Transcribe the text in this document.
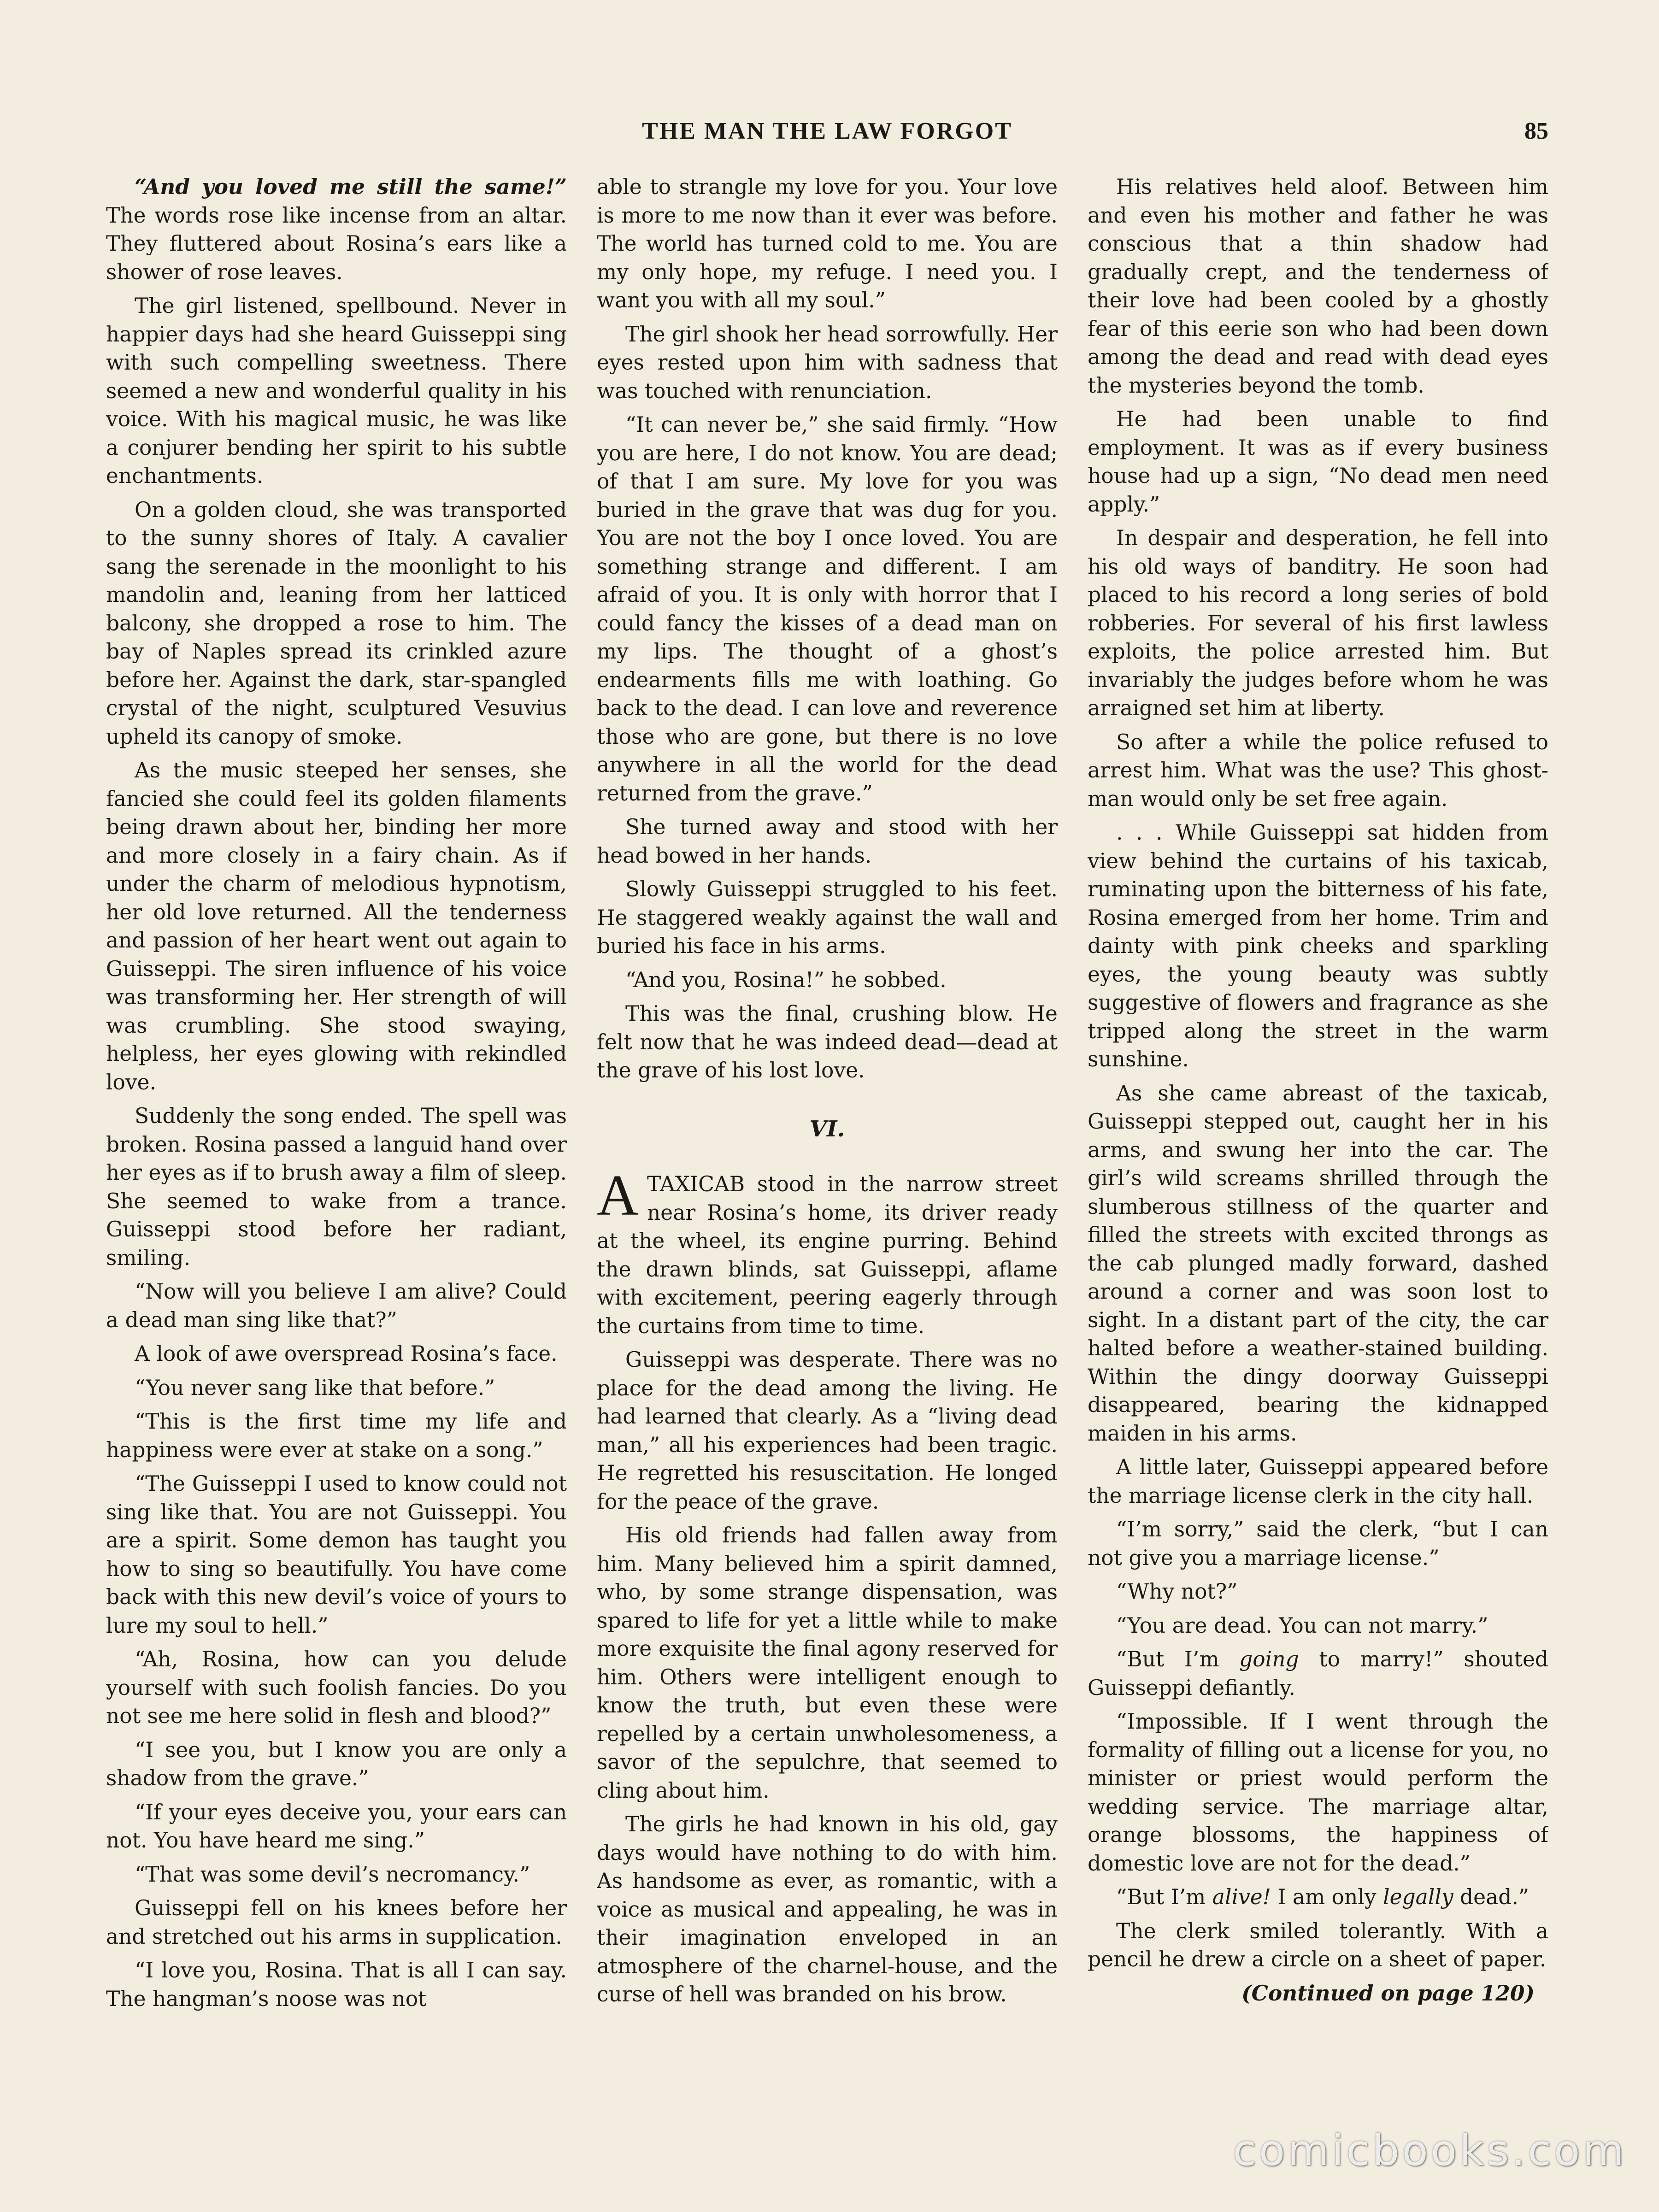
THE MAN THE LAW FORGOT	85

“And you loved me still the same!” The words rose like incense from an altar. They fluttered about Rosina’s ears like a shower of rose leaves.

The girl listened, spellbound. Never in happier days had she heard Guisseppi sing with such compelling sweetness. There seemed a new and wonderful quality in his voice. With his magical music, he was like a conjurer bending her spirit to his subtle enchantments.

On a golden cloud, she was transported to the sunny shores of Italy. A cavalier sang the serenade in the moonlight to his mandolin and, leaning from her latticed balcony, she dropped a rose to him. The bay of Naples spread its crinkled azure before her. Against the dark, star-spangled crystal of the night, sculptured Vesuvius upheld its canopy of smoke.

As the music steeped her senses, she fancied she could feel its golden filaments being drawn about her, binding her more and more closely in a fairy chain. As if under the charm of melodious hypnotism, her old love returned. All the tenderness and passion of her heart went out again to Guisseppi. The siren influence of his voice was transforming her. Her strength of will was crumbling. She stood swaying, helpless, her eyes glowing with rekindled love.

Suddenly the song ended. The spell was broken. Rosina passed a languid hand over her eyes as if to brush away a film of sleep. She seemed to wake from a trance. Guisseppi stood before her radiant, smiling.

“Now will you believe I am alive? Could a dead man sing like that?”

A look of awe overspread Rosina’s face.

“You never sang like that before.”

“This is the first time my life and happiness were ever at stake on a song.”

“The Guisseppi I used to know could not sing like that. You are not Guisseppi. You are a spirit. Some demon has taught you how to sing so beautifully. You have come back with this new devil’s voice of yours to lure my soul to hell.”

“Ah, Rosina, how can you delude yourself with such foolish fancies. Do you not see me here solid in flesh and blood?”

“I see you, but I know you are only a shadow from the grave.”

“If your eyes deceive you, your ears can not. You have heard me sing.”

“That was some devil’s necromancy.”

Guisseppi fell on his knees before her and stretched out his arms in supplication.

“I love you, Rosina. That is all I can say. The hangman’s noose was not

able to strangle my love for you. Your love is more to me now than it ever was before. The world has turned cold to me. You are my only hope, my refuge. I need you. I want you with all my soul.”

The girl shook her head sorrowfully. Her eyes rested upon him with sadness that was touched with renunciation.

“It can never be,” she said firmly. “How you are here, I do not know. You are dead; of that I am sure. My love for you was buried in the grave that was dug for you. You are not the boy I once loved. You are something strange and different. I am afraid of you. It is only with horror that I could fancy the kisses of a dead man on my lips. The thought of a ghost’s endearments fills me with loathing. Go back to the dead. I can love and reverence those who are gone, but there is no love anywhere in all the world for the dead returned from the grave.”

She turned away and stood with her head bowed in her hands.

Slowly Guisseppi struggled to his feet. He staggered weakly against the wall and buried his face in his arms.

“And you, Rosina!” he sobbed.

This was the final, crushing blow. He felt now that he was indeed dead—dead at the grave of his lost love.

VI.

ATAXICAB stood in the narrow street near Rosina’s home, its driver ready at the wheel, its engine purring. Behind the drawn blinds, sat Guisseppi, aflame with excitement, peering eagerly through the curtains from time to time.

Guisseppi was desperate. There was no place for the dead among the living. He had learned that clearly. As a “living dead man,” all his experiences had been tragic. He regretted his resuscitation. He longed for the peace of the grave.

His old friends had fallen away from him. Many believed him a spirit damned, who, by some strange dispensation, was spared to life for yet a little while to make more exquisite the final agony reserved for him. Others were intelligent enough to know the truth, but even these were repelled by a certain unwholesomeness, a savor of the sepulchre, that seemed to cling about him.

The girls he had known in his old, gay days would have nothing to do with him. As handsome as ever, as romantic, with a voice as musical and appealing, he was in their imagination enveloped in an atmosphere of the charnel-house, and the curse of hell was branded on his brow.

His relatives held aloof. Between him and even his mother and father he was conscious that a thin shadow had gradually crept, and the tenderness of their love had been cooled by a ghostly fear of this eerie son who had been down among the dead and read with dead eyes the mysteries beyond the tomb.

He had been unable to find employment. It was as if every business house had up a sign, “No dead men need apply.”

In despair and desperation, he fell into his old ways of banditry. He soon had placed to his record a long series of bold robberies. For several of his first lawless exploits, the police arrested him. But invariably the judges before whom he was arraigned set him at liberty.

So after a while the police refused to arrest him. What was the use? This ghost-man would only be set free again.

. . . While Guisseppi sat hidden from view behind the curtains of his taxicab, ruminating upon the bitterness of his fate, Rosina emerged from her home. Trim and dainty with pink cheeks and sparkling eyes, the young beauty was subtly suggestive of flowers and fragrance as she tripped along the street in the warm sunshine.

As she came abreast of the taxicab, Guisseppi stepped out, caught her in his arms, and swung her into the car. The girl’s wild screams shrilled through the slumberous stillness of the quarter and filled the streets with excited throngs as the cab plunged madly forward, dashed around a corner and was soon lost to sight. In a distant part of the city, the car halted before a weather-stained building. Within the dingy doorway Guisseppi disappeared, bearing the kidnapped maiden in his arms.

A little later, Guisseppi appeared before the marriage license clerk in the city hall.

“I’m sorry,” said the clerk, “but I can not give you a marriage license.”

“Why not?”

“You are dead. You can not marry.”

“But I’m going to marry!” shouted Guisseppi defiantly.

“Impossible. If I went through the formality of filling out a license for you, no minister or priest would perform the wedding service. The marriage altar, orange blossoms, the happiness of domestic love are not for the dead.”

“But I’m alive! I am only legally dead.”

The clerk smiled tolerantly. With a pencil he drew a circle on a sheet of paper.

(Continued on page 120)

comicbooks.com
